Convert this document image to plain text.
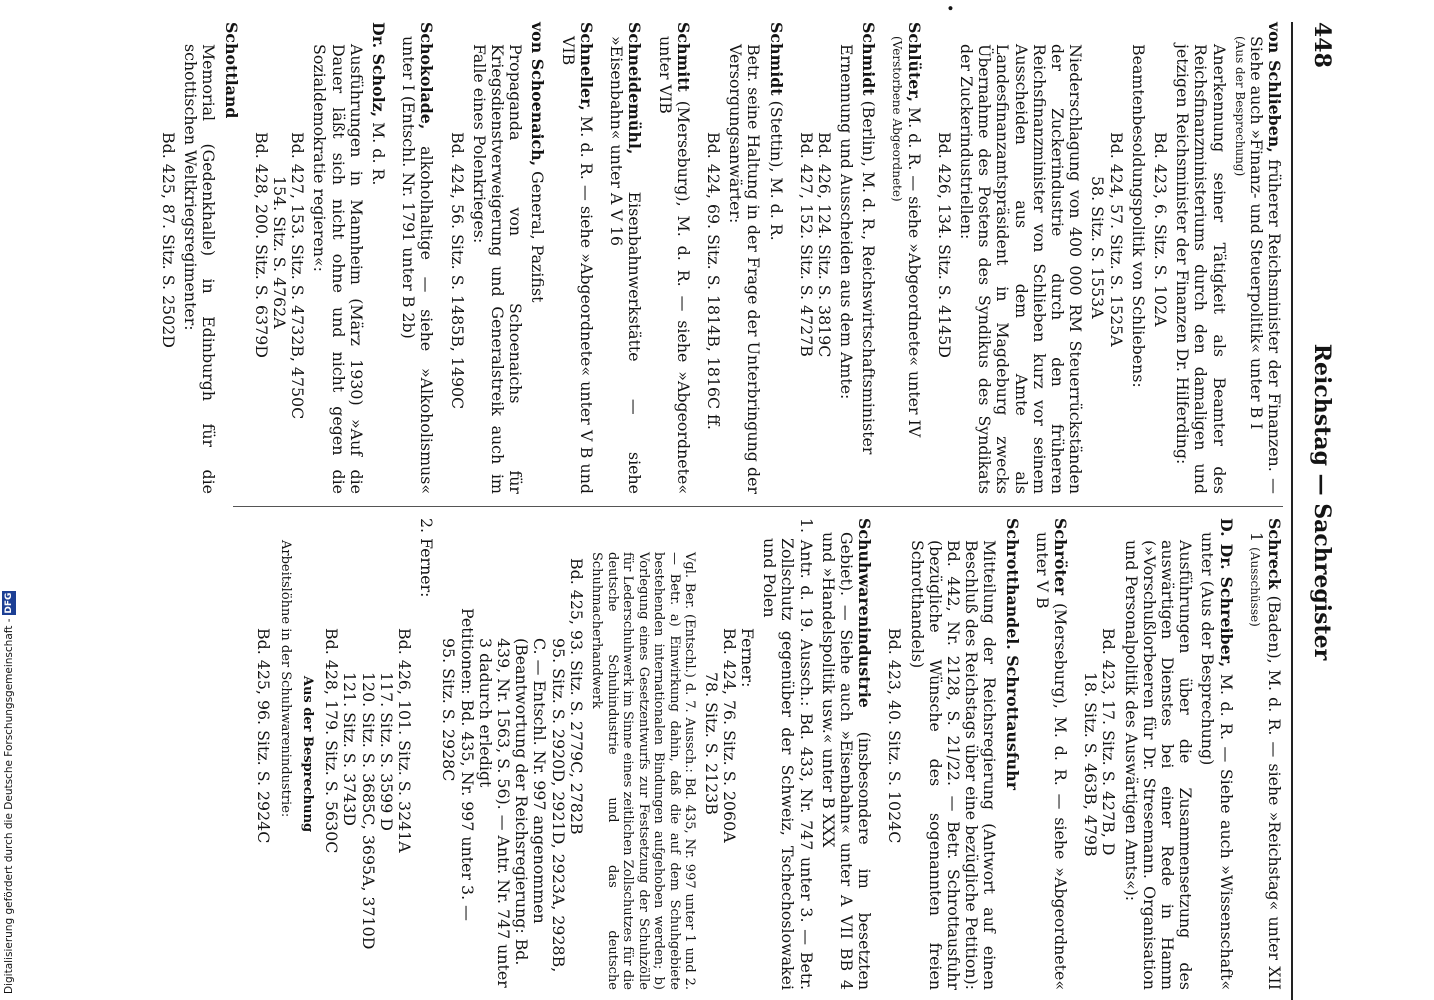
448
Reichstag — Sachregister
•
von Schlieben, früherer Reichsminister der Finanzen. — Siehe auch »Finanz- und Steuerpolitik« unter B I
(Aus der Besprechung)
Anerkennung seiner Tätigkeit als Beamter des Reichsfinanzministeriums durch den damaligen und jetzigen Reichsminister der Finanzen Dr. Hilferding:
Bd. 423, 6. Sitz. S. 102A
Beamtenbesoldungspolitik von Schliebens:
Bd. 424, 57. Sitz. S. 1525A
58. Sitz. S. 1553A
Niederschlagung von 400 000 RM Steuerrückständen der Zuckerindustrie durch den früheren Reichsfinanzminister von Schlieben kurz vor seinem Ausscheiden aus dem Amte als Landesfinanzamtspräsident in Magdeburg zwecks Übernahme des Postens des Syndikus des Syndikats der Zuckerindustriellen:
Bd. 426, 134. Sitz. S. 4145D
Schlüter, M. d. R. — siehe »Abgeordnete« unter IV
(Verstorbene Abgeordnete)
Schmidt (Berlin), M. d. R., Reichswirtschaftsminister
Ernennung und Ausscheiden aus dem Amte:
Bd. 426, 124. Sitz. S. 3819C
Bd. 427, 152. Sitz. S. 4727B
Schmidt (Stettin), M. d. R.
Betr. seine Haltung in der Frage der Unterbringung der Versorgungsanwärter:
Bd. 424, 69. Sitz. S. 1814B, 1816C ff.
Schmitt (Merseburg), M. d. R. — siehe »Abgeordnete« unter VIB
Schneidemühl, Eisenbahnwerkstätte — siehe »Eisenbahn« unter A V 16
Schneller, M. d. R. — siehe »Abgeordnete« unter V B und VIB
von Schoenaich, General, Pazifist
Propaganda von Schoenaichs für Kriegsdienstverweigerung und Generalstreik auch im Falle eines Polenkrieges:
Bd. 424, 56. Sitz. S. 1485B, 1490C
Schokolade, alkoholhaltige — siehe »Alkoholismus« unter I (Entschl. Nr. 1791 unter B 2b)
Dr. Scholz, M. d. R.
Ausführungen in Mannheim (März 1930) »Auf die Dauer läßt sich nicht ohne und nicht gegen die Sozialdemokratie regieren«:
Bd. 427, 153. Sitz. S. 4732B, 4750C
154. Sitz. S. 4762A
Bd. 428, 200. Sitz. S. 6379D
Schottland
Memorial (Gedenkhalle) in Edinburgh für die schottischen Weltkriegsregimenter:
Bd. 425, 87. Sitz. S. 2502D
Schreck (Baden), M. d. R. — siehe »Reichstag« unter XII 1 (Ausschüsse)
D. Dr. Schreiber, M. d. R. — Siehe auch »Wissenschaft« unter (Aus der Besprechung)
Ausführungen über die Zusammensetzung des auswärtigen Dienstes bei einer Rede in Hamm (»Vorschußlorbeeren für Dr. Stresemann. Organisation und Personalpolitik des Auswärtigen Amts«):
Bd. 423, 17. Sitz. S. 427B, D
18. Sitz. S. 463B, 479B
Schröter (Merseburg), M. d. R. — siehe »Abgeordnete« unter V B
Schrotthandel. Schrottausfuhr
Mitteilung der Reichsregierung (Antwort auf einen Beschluß des Reichstags über eine bezügliche Petition): Bd. 442, Nr. 2128, S. 21/22. — Betr. Schrottausfuhr (bezügliche Wünsche des sogenannten freien Schrotthandels)
Bd. 423, 40. Sitz. S. 1024C
Schuhwarenindustrie (insbesondere im besetzten Gebiet). — Siehe auch »Eisenbahn« unter A VII BB 4 und »Handelspolitik usw.« unter B XXX
1. Antr. d. 19. Aussch.: Bd. 433, Nr. 747 unter 3. — Betr. Zollschutz gegenüber der Schweiz, Tschechoslowakei und Polen
Ferner:
Bd. 424, 76. Sitz. S. 2060A
78. Sitz. S. 2123B
Vgl. Ber. (Entschl.) d. 7. Aussch.: Bd. 435, Nr. 997 unter 1 und 2. — Betr. a) Einwirkung dahin, daß die auf dem Schuhgebiete bestehenden internationalen Bindungen aufgehoben werden; b) Vorlegung eines Gesetzentwurfs zur Festsetzung der Schuhzölle für Lederschuhwerk im Sinne eines zeitlichen Zollschutzes für die deutsche Schuhindustrie und das deutsche Schuhmacherhandwerk
Bd. 425, 93. Sitz. S. 2779C, 2782B
95. Sitz. S. 2920D, 2921D, 2923A, 2928B, C. — Entschl. Nr. 997 angenommen (Beantwortung der Reichsregierung: Bd. 439, Nr. 1563, S. 56). — Antr. Nr. 747 unter 3 dadurch erledigt
Petitionen: Bd. 435, Nr. 997 unter 3. —
95. Sitz. S. 2928C
2. Ferner:
Bd. 426, 101. Sitz. S. 3241A
117. Sitz. S. 3599 D
120. Sitz. S. 3685C, 3695A, 3710D
121. Sitz. S. 3743D
Bd. 428, 179. Sitz. S. 5630C
Aus der Besprechung
Arbeitslöhne in der Schuhwarenindustrie:
Bd. 425, 96. Sitz. S. 2924C
Digitalisierung gefördert durch die Deutsche Forschungsgemeinschaft - DFG
